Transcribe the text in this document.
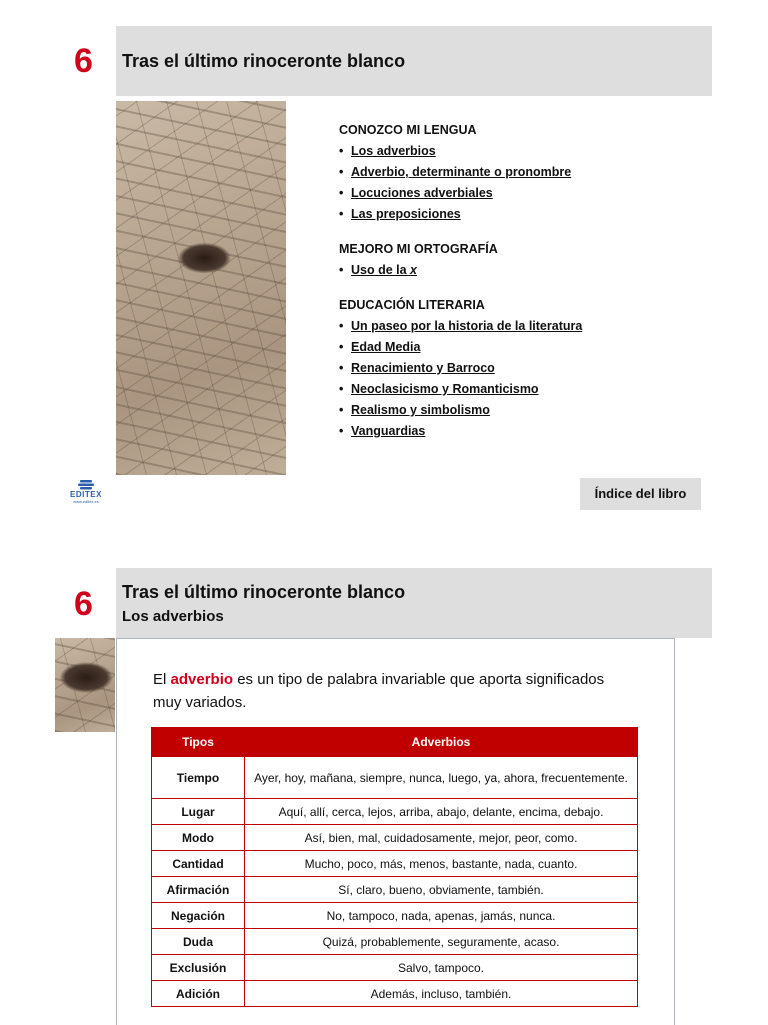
6 Tras el último rinoceronte blanco
CONOZCO MI LENGUA
• Los adverbios
• Adverbio, determinante o pronombre
• Locuciones adverbiales
• Las preposiciones
MEJORO MI ORTOGRAFÍA
• Uso de la x
EDUCACIÓN LITERARIA
• Un paseo por la historia de la literatura
• Edad Media
• Renacimiento y Barroco
• Neoclasicismo y Romanticismo
• Realismo y simbolismo
• Vanguardias
EDITEX
www.editex.es
Índice del libro
6 Tras el último rinoceronte blanco
Los adverbios
El adverbio es un tipo de palabra invariable que aporta significados muy variados.
Tipos	Adverbios
Tiempo	Ayer, hoy, mañana, siempre, nunca, luego, ya, ahora, frecuentemente.
Lugar	Aquí, allí, cerca, lejos, arriba, abajo, delante, encima, debajo.
Modo	Así, bien, mal, cuidadosamente, mejor, peor, como.
Cantidad	Mucho, poco, más, menos, bastante, nada, cuanto.
Afirmación	Sí, claro, bueno, obviamente, también.
Negación	No, tampoco, nada, apenas, jamás, nunca.
Duda	Quizá, probablemente, seguramente, acaso.
Exclusión	Salvo, tampoco.
Adición	Además, incluso, también.
